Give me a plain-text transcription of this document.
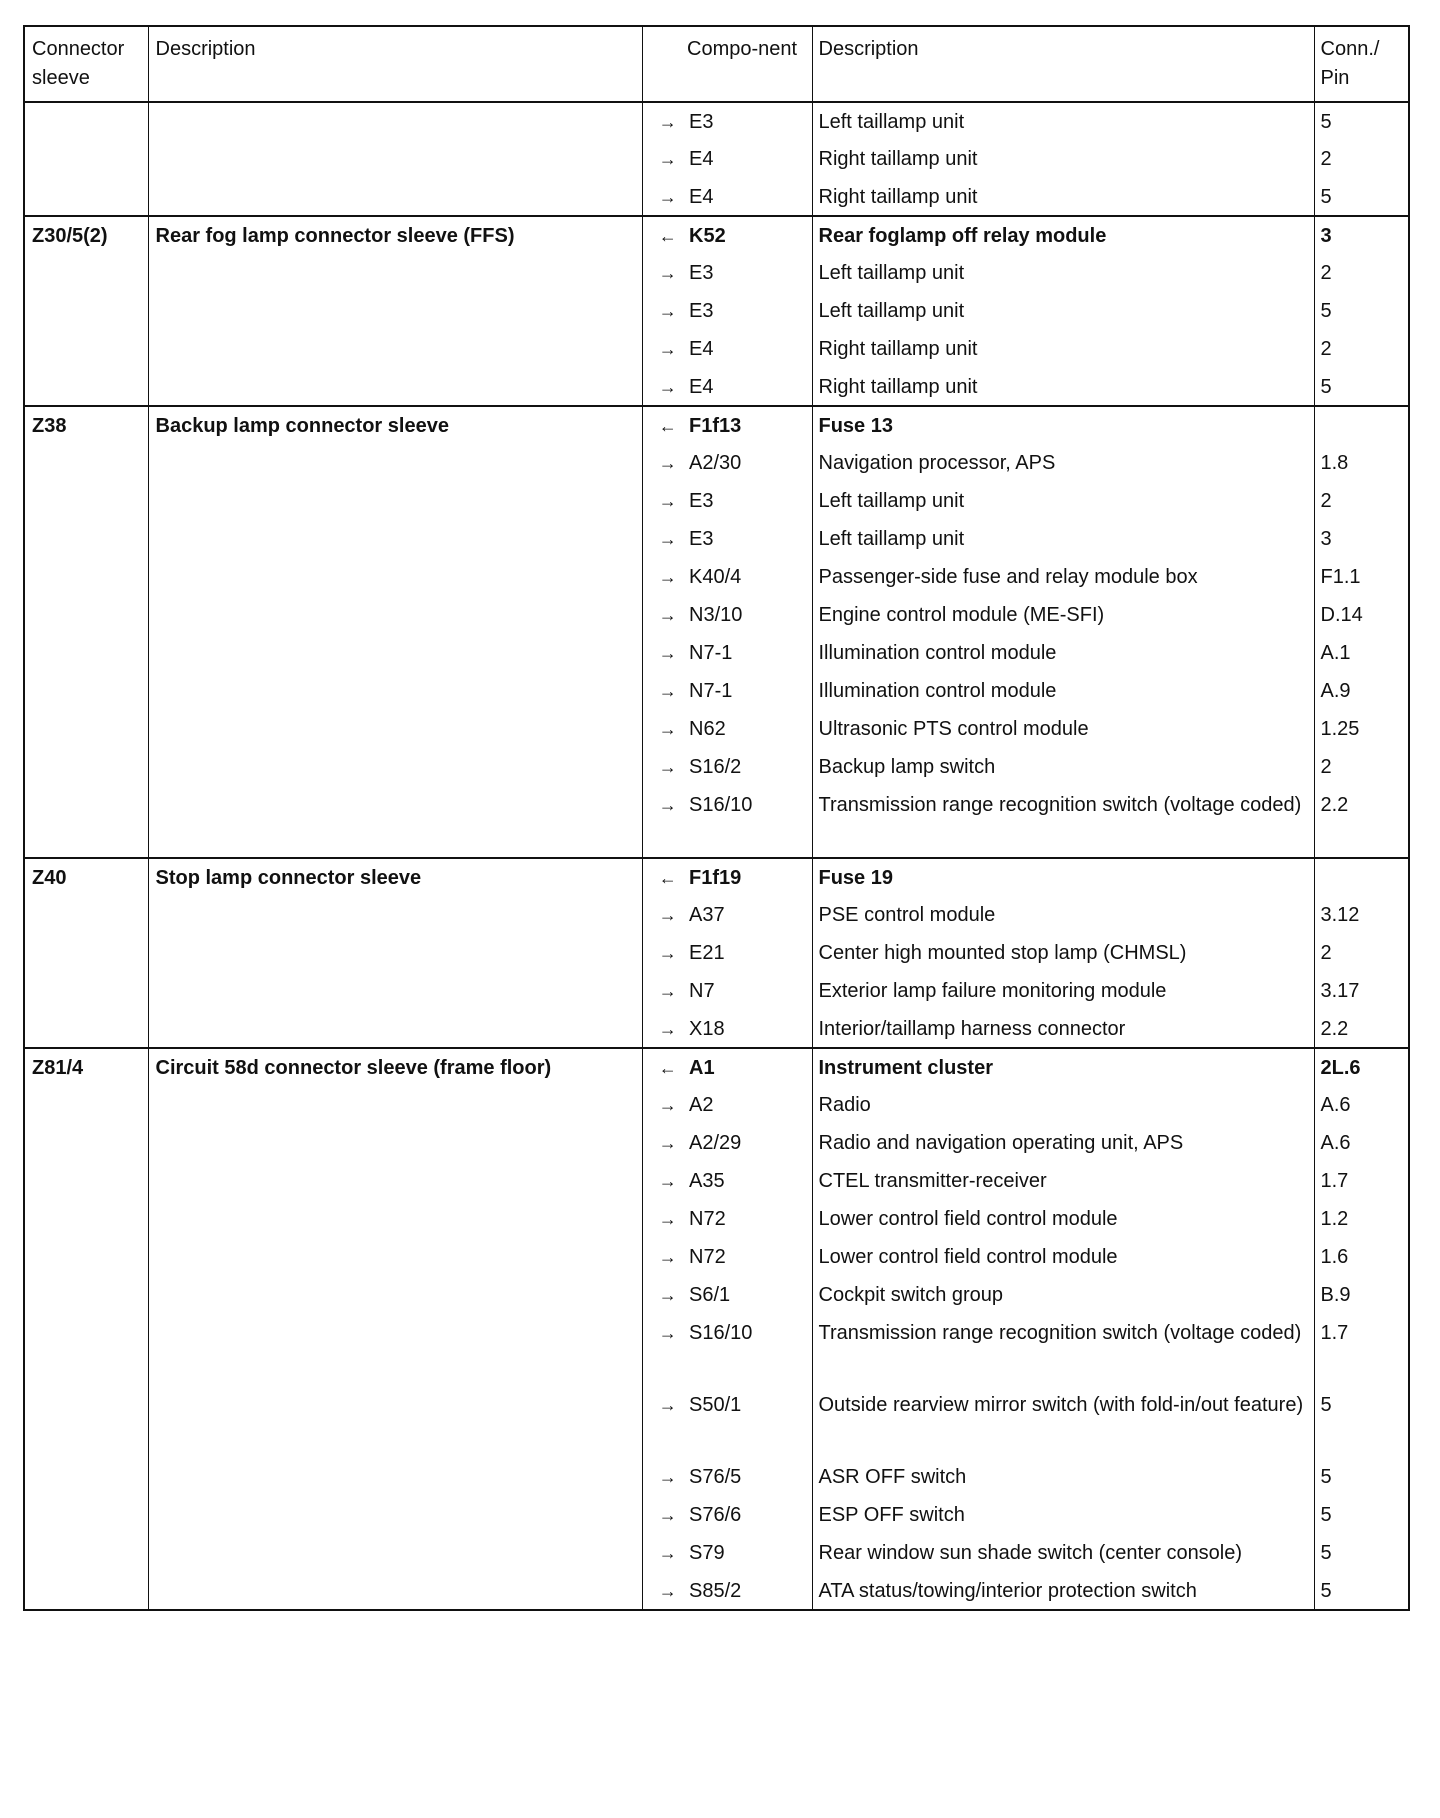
Connector sleeve	Description		Compo-nent	Description	Conn./ Pin
		→	E3	Left taillamp unit	5
		→	E4	Right taillamp unit	2
		→	E4	Right taillamp unit	5
Z30/5(2)	Rear fog lamp connector sleeve (FFS)	←	K52	Rear foglamp off relay module	3
		→	E3	Left taillamp unit	2
		→	E3	Left taillamp unit	5
		→	E4	Right taillamp unit	2
		→	E4	Right taillamp unit	5
Z38	Backup lamp connector sleeve	←	F1f13	Fuse 13	
		→	A2/30	Navigation processor, APS	1.8
		→	E3	Left taillamp unit	2
		→	E3	Left taillamp unit	3
		→	K40/4	Passenger-side fuse and relay module box	F1.1
		→	N3/10	Engine control module (ME-SFI)	D.14
		→	N7-1	Illumination control module	A.1
		→	N7-1	Illumination control module	A.9
		→	N62	Ultrasonic PTS control module	1.25
		→	S16/2	Backup lamp switch	2
		→	S16/10	Transmission range recognition switch (voltage coded)	2.2
Z40	Stop lamp connector sleeve	←	F1f19	Fuse 19	
		→	A37	PSE control module	3.12
		→	E21	Center high mounted stop lamp (CHMSL)	2
		→	N7	Exterior lamp failure monitoring module	3.17
		→	X18	Interior/taillamp harness connector	2.2
Z81/4	Circuit 58d connector sleeve (frame floor)	←	A1	Instrument cluster	2L.6
		→	A2	Radio	A.6
		→	A2/29	Radio and navigation operating unit, APS	A.6
		→	A35	CTEL transmitter-receiver	1.7
		→	N72	Lower control field control module	1.2
		→	N72	Lower control field control module	1.6
		→	S6/1	Cockpit switch group	B.9
		→	S16/10	Transmission range recognition switch (voltage coded)	1.7
		→	S50/1	Outside rearview mirror switch (with fold-in/out feature)	5
		→	S76/5	ASR OFF switch	5
		→	S76/6	ESP OFF switch	5
		→	S79	Rear window sun shade switch (center console)	5
		→	S85/2	ATA status/towing/interior protection switch	5
